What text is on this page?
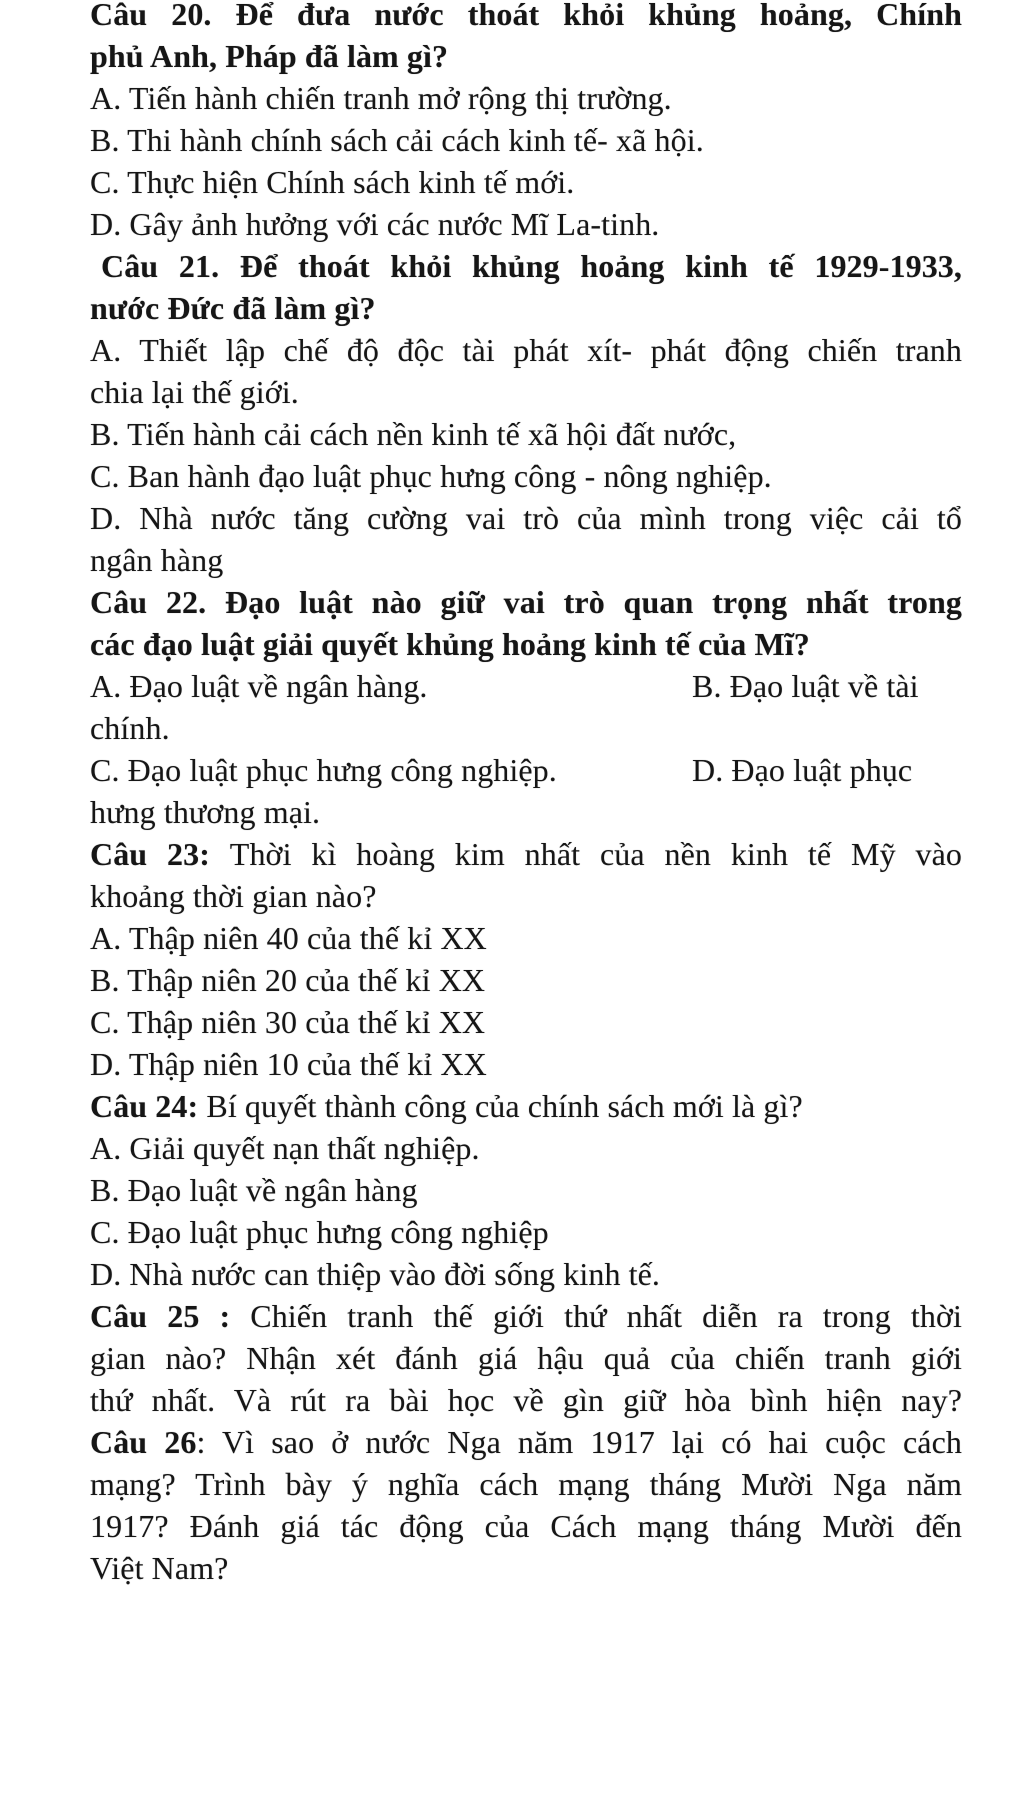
Câu 20. Để đưa nước thoát khỏi khủng hoảng, Chính
phủ Anh, Pháp đã làm gì?
A. Tiến hành chiến tranh mở rộng thị trường.
B. Thi hành chính sách cải cách kinh tế- xã hội.
C. Thực hiện Chính sách kinh tế mới.
D. Gây ảnh hưởng với các nước Mĩ La-tinh.
Câu 21. Để thoát khỏi khủng hoảng kinh tế 1929-1933,
nước Đức đã làm gì?
A. Thiết lập chế độ độc tài phát xít- phát động chiến tranh
chia lại thế giới.
B. Tiến hành cải cách nền kinh tế xã hội đất nước,
C. Ban hành đạo luật phục hưng công - nông nghiệp.
D. Nhà nước tăng cường vai trò của mình trong việc cải tổ
ngân hàng
Câu 22. Đạo luật nào giữ vai trò quan trọng nhất trong
các đạo luật giải quyết khủng hoảng kinh tế của Mĩ?
A. Đạo luật về ngân hàng.	B. Đạo luật về tài
chính.
C. Đạo luật phục hưng công nghiệp.	D. Đạo luật phục
hưng thương mại.
Câu 23: Thời kì hoàng kim nhất của nền kinh tế Mỹ vào
khoảng thời gian nào?
A. Thập niên 40 của thế kỉ XX
B. Thập niên 20 của thế kỉ XX
C. Thập niên 30 của thế kỉ XX
D. Thập niên 10 của thế kỉ XX
Câu 24: Bí quyết thành công của chính sách mới là gì?
A. Giải quyết nạn thất nghiệp.
B. Đạo luật về ngân hàng
C. Đạo luật phục hưng công nghiệp
D. Nhà nước can thiệp vào đời sống kinh tế.
Câu 25 : Chiến tranh thế giới thứ nhất diễn ra trong thời
gian nào? Nhận xét đánh giá hậu quả của chiến tranh giới
thứ nhất. Và rút ra bài học về gìn giữ hòa bình hiện nay?
Câu 26: Vì sao ở nước Nga năm 1917 lại có hai cuộc cách
mạng? Trình bày ý nghĩa cách mạng tháng Mười Nga năm
1917? Đánh giá tác động của Cách mạng tháng Mười đến
Việt Nam?
